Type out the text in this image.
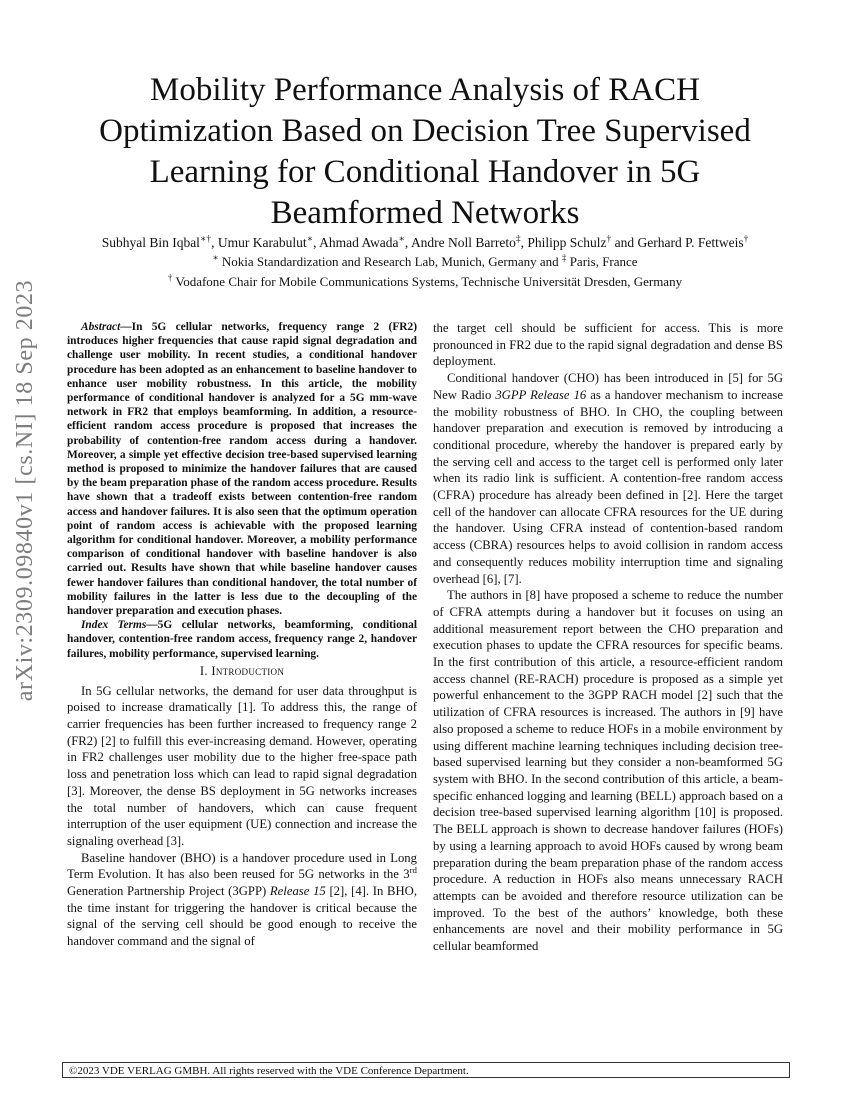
arXiv:2309.09840v1 [cs.NI] 18 Sep 2023
Mobility Performance Analysis of RACH Optimization Based on Decision Tree Supervised Learning for Conditional Handover in 5G Beamformed Networks
Subhyal Bin Iqbal∗†, Umur Karabulut∗, Ahmad Awada∗, Andre Noll Barreto‡, Philipp Schulz† and Gerhard P. Fettweis†
∗ Nokia Standardization and Research Lab, Munich, Germany and ‡ Paris, France
† Vodafone Chair for Mobile Communications Systems, Technische Universität Dresden, Germany

Abstract—In 5G cellular networks, frequency range 2 (FR2) introduces higher frequencies that cause rapid signal degradation and challenge user mobility. In recent studies, a conditional handover procedure has been adopted as an enhancement to baseline handover to enhance user mobility robustness. In this article, the mobility performance of conditional handover is analyzed for a 5G mm-wave network in FR2 that employs beamforming. In addition, a resource-efficient random access procedure is proposed that increases the probability of contention-free random access during a handover. Moreover, a simple yet effective decision tree-based supervised learning method is proposed to minimize the handover failures that are caused by the beam preparation phase of the random access procedure. Results have shown that a tradeoff exists between contention-free random access and handover failures. It is also seen that the optimum operation point of random access is achievable with the proposed learning algorithm for conditional handover. Moreover, a mobility performance comparison of conditional handover with baseline handover is also carried out. Results have shown that while baseline handover causes fewer handover failures than conditional handover, the total number of mobility failures in the latter is less due to the decoupling of the handover preparation and execution phases.

Index Terms—5G cellular networks, beamforming, conditional handover, contention-free random access, frequency range 2, handover failures, mobility performance, supervised learning.

I. Introduction

In 5G cellular networks, the demand for user data throughput is poised to increase dramatically [1]. To address this, the range of carrier frequencies has been further increased to frequency range 2 (FR2) [2] to fulfill this ever-increasing demand. However, operating in FR2 challenges user mobility due to the higher free-space path loss and penetration loss which can lead to rapid signal degradation [3]. Moreover, the dense BS deployment in 5G networks increases the total number of handovers, which can cause frequent interruption of the user equipment (UE) connection and increase the signaling overhead [3].

Baseline handover (BHO) is a handover procedure used in Long Term Evolution. It has also been reused for 5G networks in the 3rd Generation Partnership Project (3GPP) Release 15 [2], [4]. In BHO, the time instant for triggering the handover is critical because the signal of the serving cell should be good enough to receive the handover command and the signal of

the target cell should be sufficient for access. This is more pronounced in FR2 due to the rapid signal degradation and dense BS deployment.

Conditional handover (CHO) has been introduced in [5] for 5G New Radio 3GPP Release 16 as a handover mechanism to increase the mobility robustness of BHO. In CHO, the coupling between handover preparation and execution is removed by introducing a conditional procedure, whereby the handover is prepared early by the serving cell and access to the target cell is performed only later when its radio link is sufficient. A contention-free random access (CFRA) procedure has already been defined in [2]. Here the target cell of the handover can allocate CFRA resources for the UE during the handover. Using CFRA instead of contention-based random access (CBRA) resources helps to avoid collision in random access and consequently reduces mobility interruption time and signaling overhead [6], [7].

The authors in [8] have proposed a scheme to reduce the number of CFRA attempts during a handover but it focuses on using an additional measurement report between the CHO preparation and execution phases to update the CFRA resources for specific beams. In the first contribution of this article, a resource-efficient random access channel (RE-RACH) procedure is proposed as a simple yet powerful enhancement to the 3GPP RACH model [2] such that the utilization of CFRA resources is increased. The authors in [9] have also proposed a scheme to reduce HOFs in a mobile environment by using different machine learning techniques including decision tree-based supervised learning but they consider a non-beamformed 5G system with BHO. In the second contribution of this article, a beam-specific enhanced logging and learning (BELL) approach based on a decision tree-based supervised learning algorithm [10] is proposed. The BELL approach is shown to decrease handover failures (HOFs) by using a learning approach to avoid HOFs caused by wrong beam preparation during the beam preparation phase of the random access procedure. A reduction in HOFs also means unnecessary RACH attempts can be avoided and therefore resource utilization can be improved. To the best of the authors’ knowledge, both these enhancements are novel and their mobility performance in 5G cellular beamformed

©2023 VDE VERLAG GMBH. All rights reserved with the VDE Conference Department.
